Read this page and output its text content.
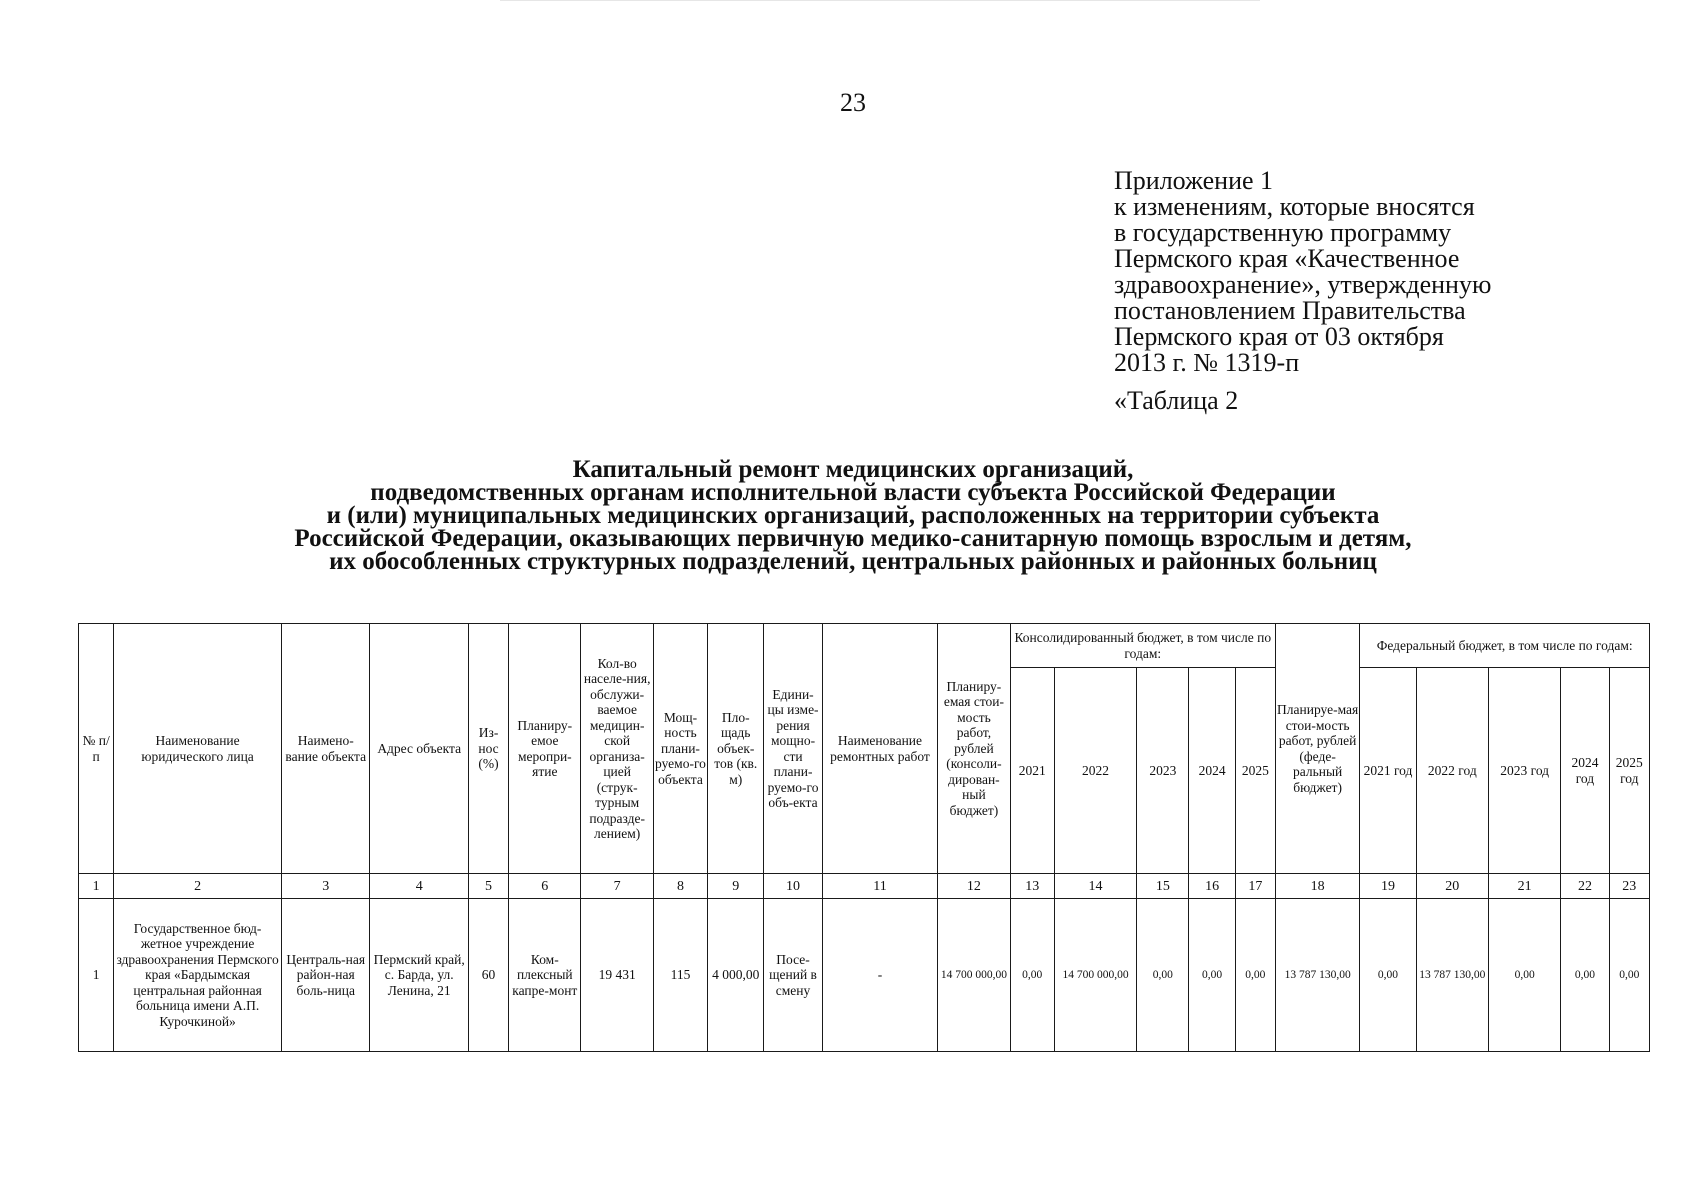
23
Приложение 1
к изменениям, которые вносятся
в государственную программу
Пермского края «Качественное
здравоохранение», утвержденную
постановлением Правительства
Пермского края от 03 октября
2013 г. № 1319-п
«Таблица 2
Капитальный ремонт медицинских организаций,
подведомственных органам исполнительной власти субъекта Российской Федерации
и (или) муниципальных медицинских организаций, расположенных на территории субъекта
Российской Федерации, оказывающих первичную медико-санитарную помощь взрослым и детям,
их обособленных структурных подразделений, центральных районных и районных больниц
№ п/п	Наименование юридического лица	Наимено-вание объекта	Адрес объекта	Из-нос (%)	Планиру-емое меропри-ятие	Кол-во населе-ния, обслужи-ваемое медицин-ской организа-цией (струк-турным подразде-лением)	Мощ-ность плани-руемо-го объекта	Пло-щадь объек-тов (кв. м)	Едини-цы изме-рения мощно-сти плани-руемо-го объ-екта	Наименование ремонтных работ	Планиру-емая стои-мость работ, рублей (консоли-дирован-ный бюджет)	Консолидированный бюджет, в том числе по годам:					Планируе-мая стои-мость работ, рублей (феде-ральный бюджет)	Федеральный бюджет, в том числе по годам:				
												2021	2022	2023	2024	2025		2021 год	2022 год	2023 год	2024 год	2025 год
1	2	3	4	5	6	7	8	9	10	11	12	13	14	15	16	17	18	19	20	21	22	23
1	Государственное бюд-жетное учреждение здравоохранения Пермского края «Бардымская центральная районная больница имени А.П. Курочкиной»	Централь-ная район-ная боль-ница	Пермский край, с. Барда, ул. Ленина, 21	60	Ком-плексный капре-монт	19 431	115	4 000,00	Посе-щений в смену	-	14 700 000,00	0,00	14 700 000,00	0,00	0,00	0,00	13 787 130,00	0,00	13 787 130,00	0,00	0,00	0,00
